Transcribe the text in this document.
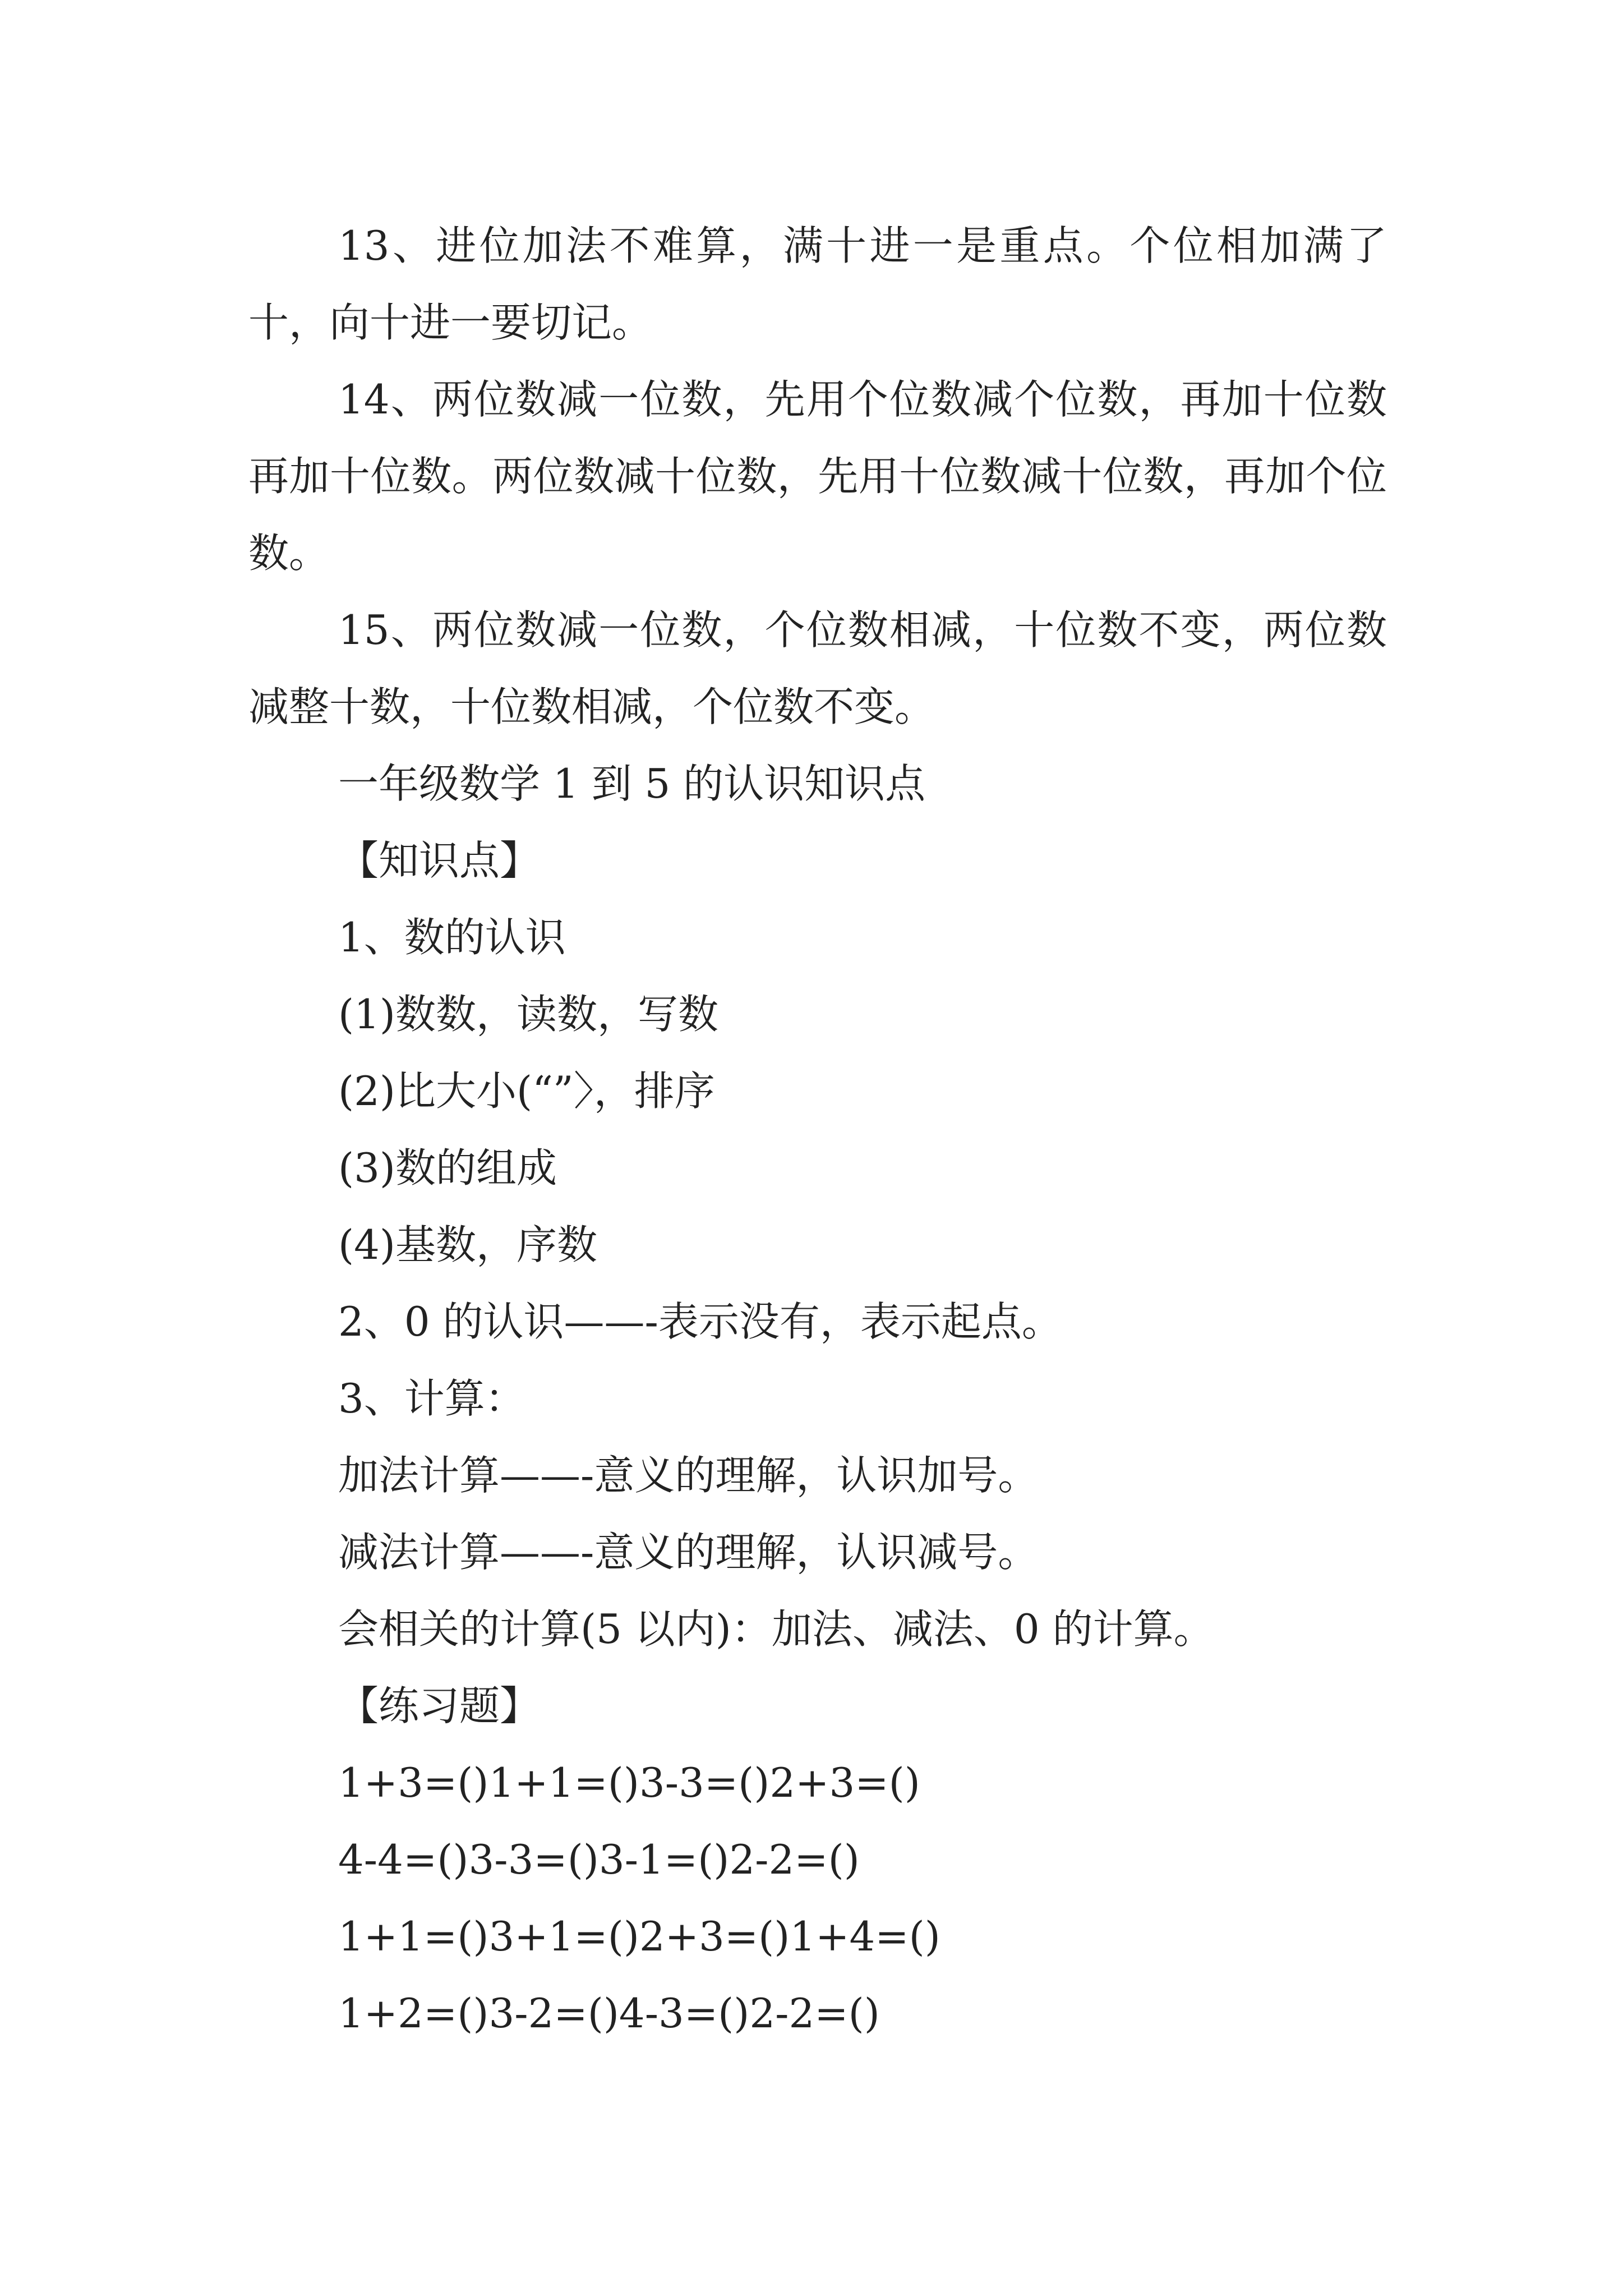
13、进位加法不难算，满十进一是重点。个位相加满了十，向十进一要切记。

14、两位数减一位数，先用个位数减个位数，再加十位数再加十位数。两位数减十位数，先用十位数减十位数，再加个位数。

15、两位数减一位数，个位数相减，十位数不变，两位数减整十数，十位数相减，个位数不变。

一年级数学 1 到 5 的认识知识点

【知识点】

1、数的认识

(1)数数，读数，写数

(2)比大小(“”〉，排序

(3)数的组成

(4)基数，序数

2、0 的认识——-表示没有，表示起点。

3、计算：

加法计算——-意义的理解，认识加号。

减法计算——-意义的理解，认识减号。

会相关的计算(5 以内)：加法、减法、0 的计算。

【练习题】

1+3=()1+1=()3-3=()2+3=()

4-4=()3-3=()3-1=()2-2=()

1+1=()3+1=()2+3=()1+4=()

1+2=()3-2=()4-3=()2-2=()
